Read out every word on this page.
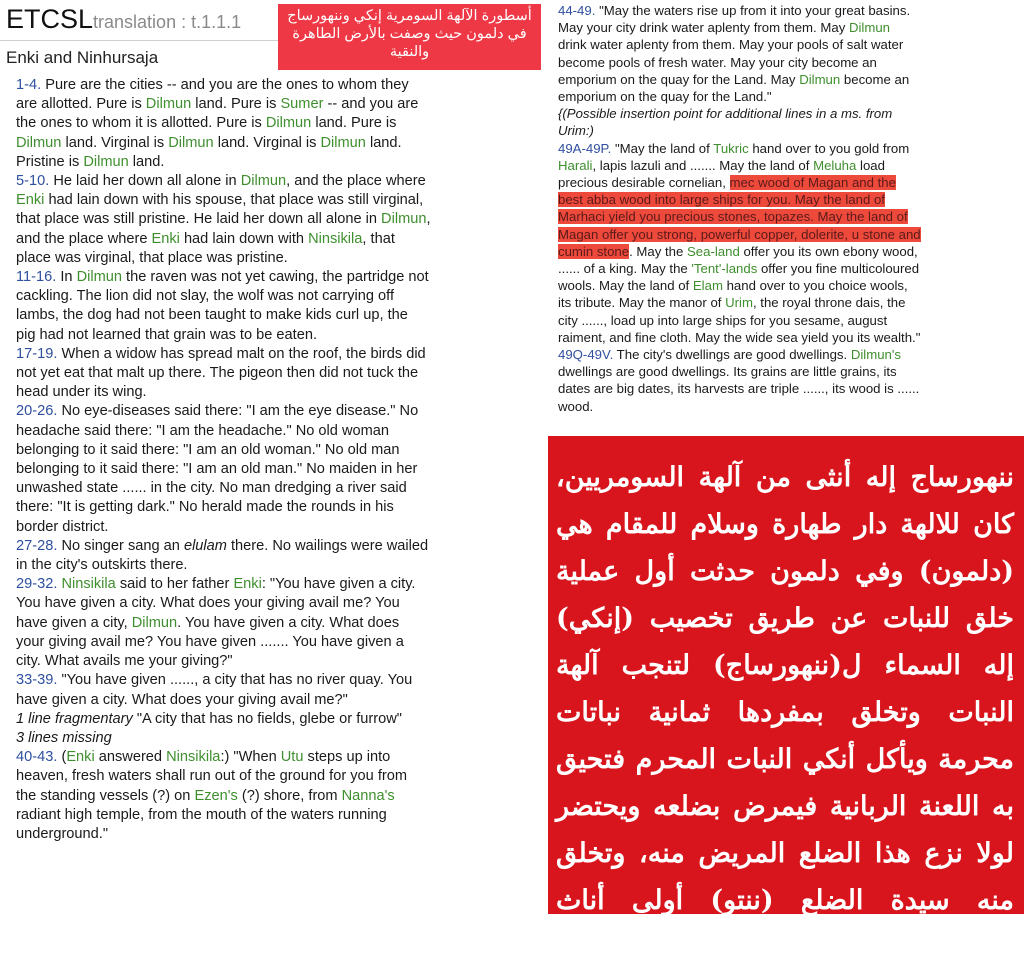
ETCSLtranslation : t.1.1.1
Enki and Ninhursaja
أسطورة الآلهة السومرية إنكي وننهورساج في دلمون حيث وصفت بالأرض الطاهرة والنقية

1-4. Pure are the cities -- and you are the ones to whom they are allotted. Pure is Dilmun land. Pure is Sumer -- and you are the ones to whom it is allotted. Pure is Dilmun land. Pure is Dilmun land. Virginal is Dilmun land. Virginal is Dilmun land. Pristine is Dilmun land.

5-10. He laid her down all alone in Dilmun, and the place where Enki had lain down with his spouse, that place was still virginal, that place was still pristine. He laid her down all alone in Dilmun, and the place where Enki had lain down with Ninsikila, that place was virginal, that place was pristine.

11-16. In Dilmun the raven was not yet cawing, the partridge not cackling. The lion did not slay, the wolf was not carrying off lambs, the dog had not been taught to make kids curl up, the pig had not learned that grain was to be eaten.

17-19. When a widow has spread malt on the roof, the birds did not yet eat that malt up there. The pigeon then did not tuck the head under its wing.

20-26. No eye-diseases said there: "I am the eye disease." No headache said there: "I am the headache." No old woman belonging to it said there: "I am an old woman." No old man belonging to it said there: "I am an old man." No maiden in her unwashed state ...... in the city. No man dredging a river said there: "It is getting dark." No herald made the rounds in his border district.

27-28. No singer sang an elulam there. No wailings were wailed in the city's outskirts there.

29-32. Ninsikila said to her father Enki: "You have given a city. You have given a city. What does your giving avail me? You have given a city, Dilmun. You have given a city. What does your giving avail me? You have given ....... You have given a city. What avails me your giving?"

33-39. "You have given ......, a city that has no river quay. You have given a city. What does your giving avail me?"

1 line fragmentary "A city that has no fields, glebe or furrow"

3 lines missing

40-43. (Enki answered Ninsikila:) "When Utu steps up into heaven, fresh waters shall run out of the ground for you from the standing vessels (?) on Ezen's (?) shore, from Nanna's radiant high temple, from the mouth of the waters running underground."

44-49. "May the waters rise up from it into your great basins. May your city drink water aplenty from them. May Dilmun drink water aplenty from them. May your pools of salt water become pools of fresh water. May your city become an emporium on the quay for the Land. May Dilmun become an emporium on the quay for the Land."

{(Possible insertion point for additional lines in a ms. from Urim:)

49A-49P. "May the land of Tukric hand over to you gold from Harali, lapis lazuli and ....... May the land of Meluha load precious desirable cornelian, mec wood of Magan and the best abba wood into large ships for you. May the land of Marhaci yield you precious stones, topazes. May the land of Magan offer you strong, powerful copper, dolerite, u stone and cumin stone. May the Sea-land offer you its own ebony wood, ...... of a king. May the 'Tent'-lands offer you fine multicoloured wools. May the land of Elam hand over to you choice wools, its tribute. May the manor of Urim, the royal throne dais, the city ......, load up into large ships for you sesame, august raiment, and fine cloth. May the wide sea yield you its wealth."

49Q-49V. The city's dwellings are good dwellings. Dilmun's dwellings are good dwellings. Its grains are little grains, its dates are big dates, its harvests are triple ......, its wood is ...... wood.

ننهورساج إله أنثى من آلهة السومريين، كان للالهة دار طهارة وسلام للمقام هي (دلمون) وفي دلمون حدثت أول عملية خلق للنبات عن طريق تخصيب (إنكي) إله السماء ل(ننهورساج) لتنجب آلهة النبات وتخلق بمفردها ثمانية نباتات محرمة ويأكل أنكي النبات المحرم فتحيق به اللعنة الربانية فيمرض بضلعه ويحتضر لولا نزع هذا الضلع المريض منه، وتخلق منه سيدة الضلع (ننتو) أولى أناث البشرية، هذا طبقا للأسطورة السومرية.
